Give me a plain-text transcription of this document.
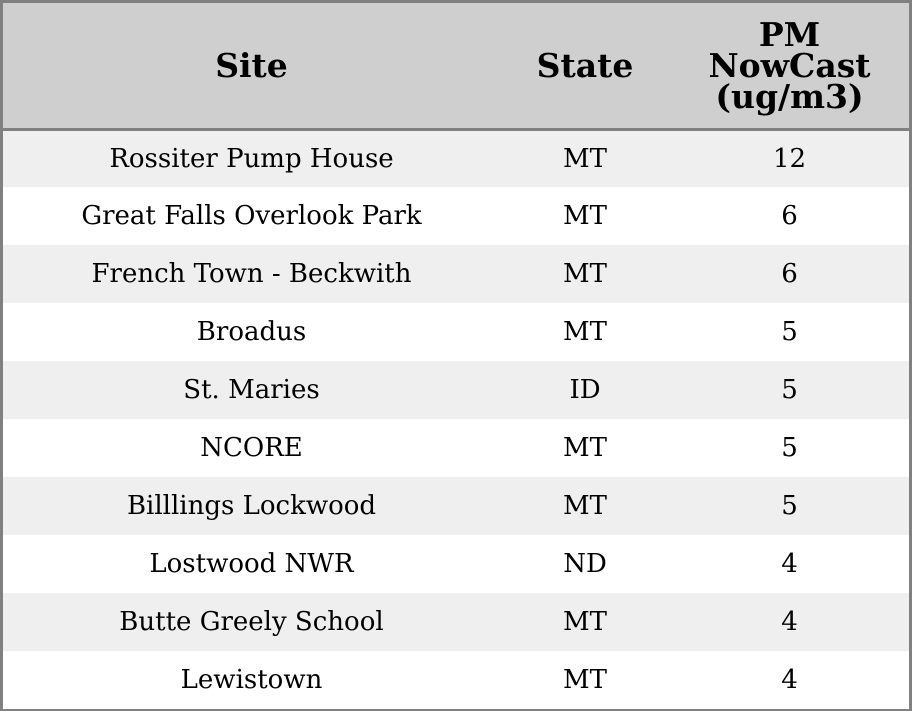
Site	State	PM
NowCast
(ug/m3)

Rossiter Pump House	MT	12
Great Falls Overlook Park	MT	6
French Town - Beckwith	MT	6
Broadus	MT	5
St. Maries	ID	5
NCORE	MT	5
Billlings Lockwood	MT	5
Lostwood NWR	ND	4
Butte Greely School	MT	4
Lewistown	MT	4
